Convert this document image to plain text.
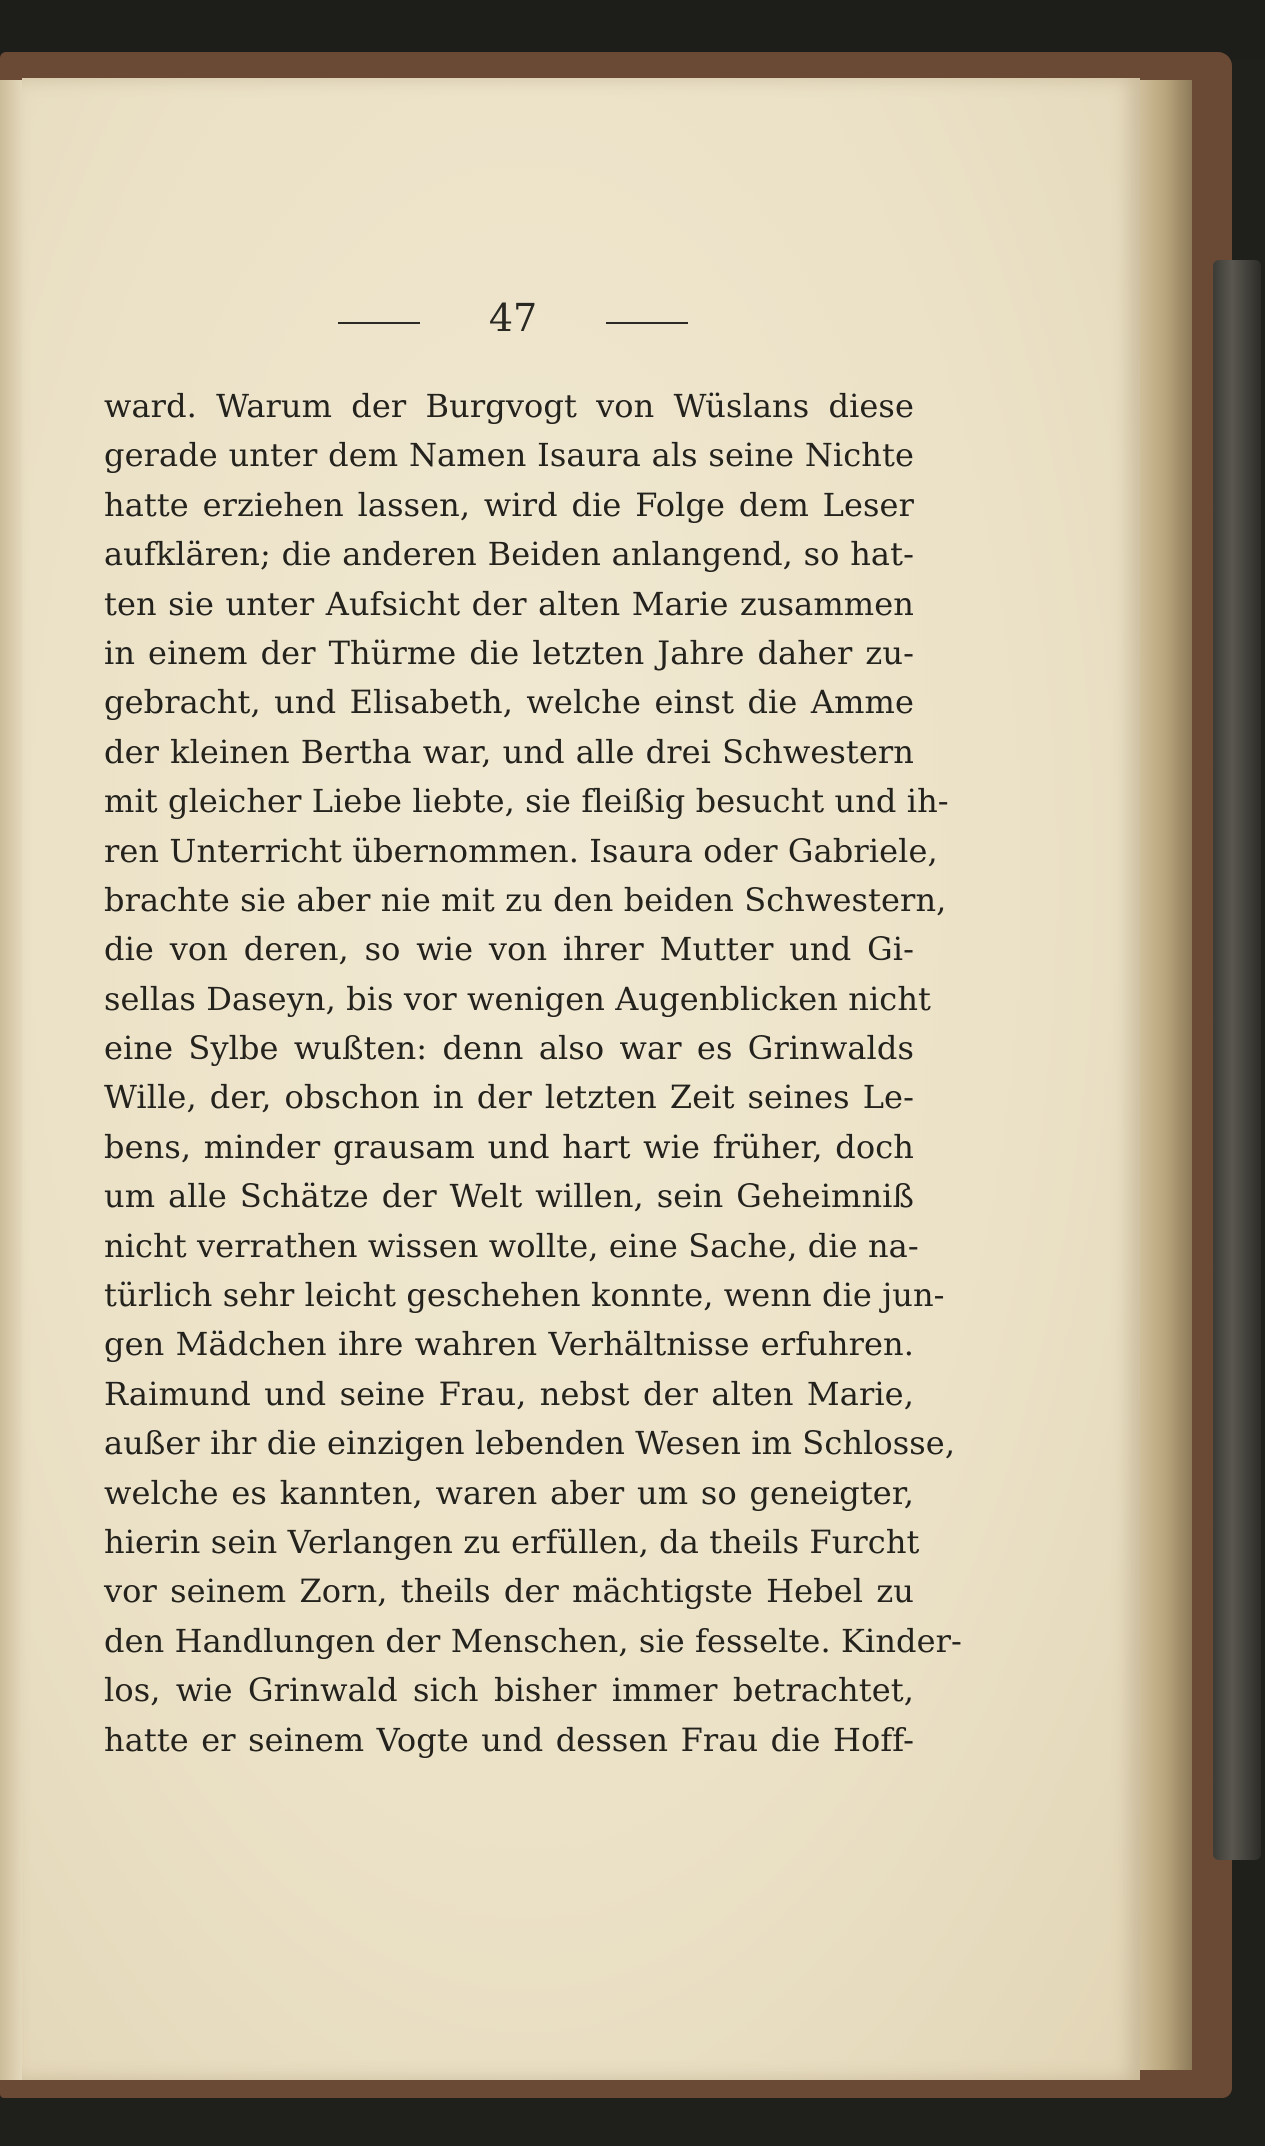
47
ward. Warum der Burgvogt von Wüslans diese
gerade unter dem Namen Isaura als seine Nichte
hatte erziehen lassen, wird die Folge dem Leser
aufklären; die anderen Beiden anlangend, so hat-
ten sie unter Aufsicht der alten Marie zusammen
in einem der Thürme die letzten Jahre daher zu-
gebracht, und Elisabeth, welche einst die Amme
der kleinen Bertha war, und alle drei Schwestern
mit gleicher Liebe liebte, sie fleißig besucht und ih-
ren Unterricht übernommen. Isaura oder Gabriele,
brachte sie aber nie mit zu den beiden Schwestern,
die von deren, so wie von ihrer Mutter und Gi-
sellas Daseyn, bis vor wenigen Augenblicken nicht
eine Sylbe wußten: denn also war es Grinwalds
Wille, der, obschon in der letzten Zeit seines Le-
bens, minder grausam und hart wie früher, doch
um alle Schätze der Welt willen, sein Geheimniß
nicht verrathen wissen wollte, eine Sache, die na-
türlich sehr leicht geschehen konnte, wenn die jun-
gen Mädchen ihre wahren Verhältnisse erfuhren.
Raimund und seine Frau, nebst der alten Marie,
außer ihr die einzigen lebenden Wesen im Schlosse,
welche es kannten, waren aber um so geneigter,
hierin sein Verlangen zu erfüllen, da theils Furcht
vor seinem Zorn, theils der mächtigste Hebel zu
den Handlungen der Menschen, sie fesselte. Kinder-
los, wie Grinwald sich bisher immer betrachtet,
hatte er seinem Vogte und dessen Frau die Hoff-
